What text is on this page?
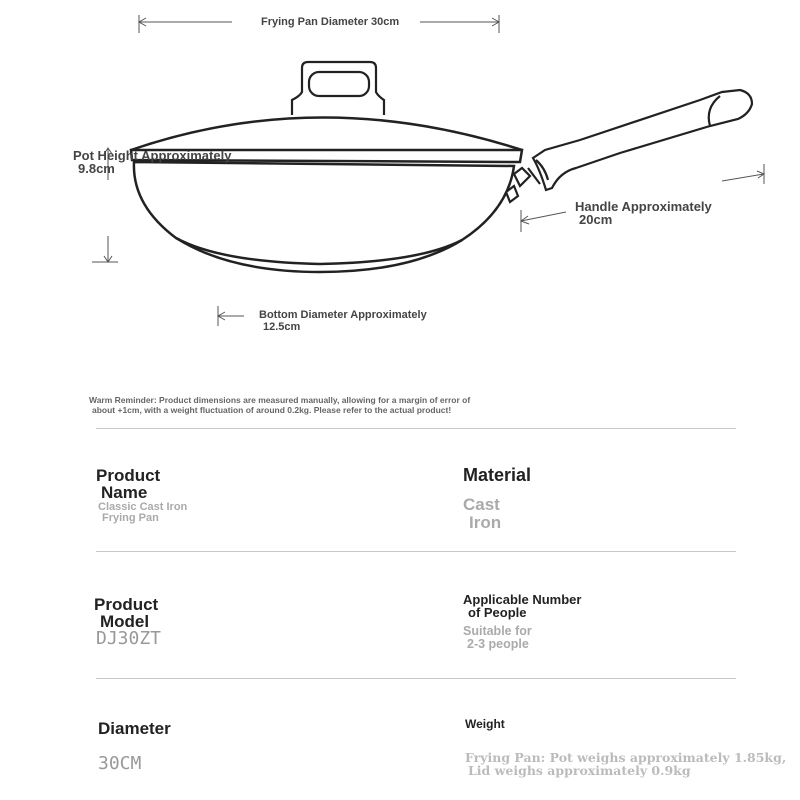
Frying Pan Diameter 30cm
Pot Height Approximately
9.8cm
Handle Approximately
20cm
Bottom Diameter Approximately
12.5cm
Warm Reminder: Product dimensions are measured manually, allowing for a margin of error of
about +1cm, with a weight fluctuation of around 0.2kg. Please refer to the actual product!
Product
Name
Classic Cast Iron
Frying Pan
Material
Cast
Iron
Product
Model
DJ30ZT
Applicable Number
of People
Suitable for
2-3 people
Diameter
30CM
Weight
Frying Pan: Pot weighs approximately 1.85kg,
Lid weighs approximately 0.9kg
